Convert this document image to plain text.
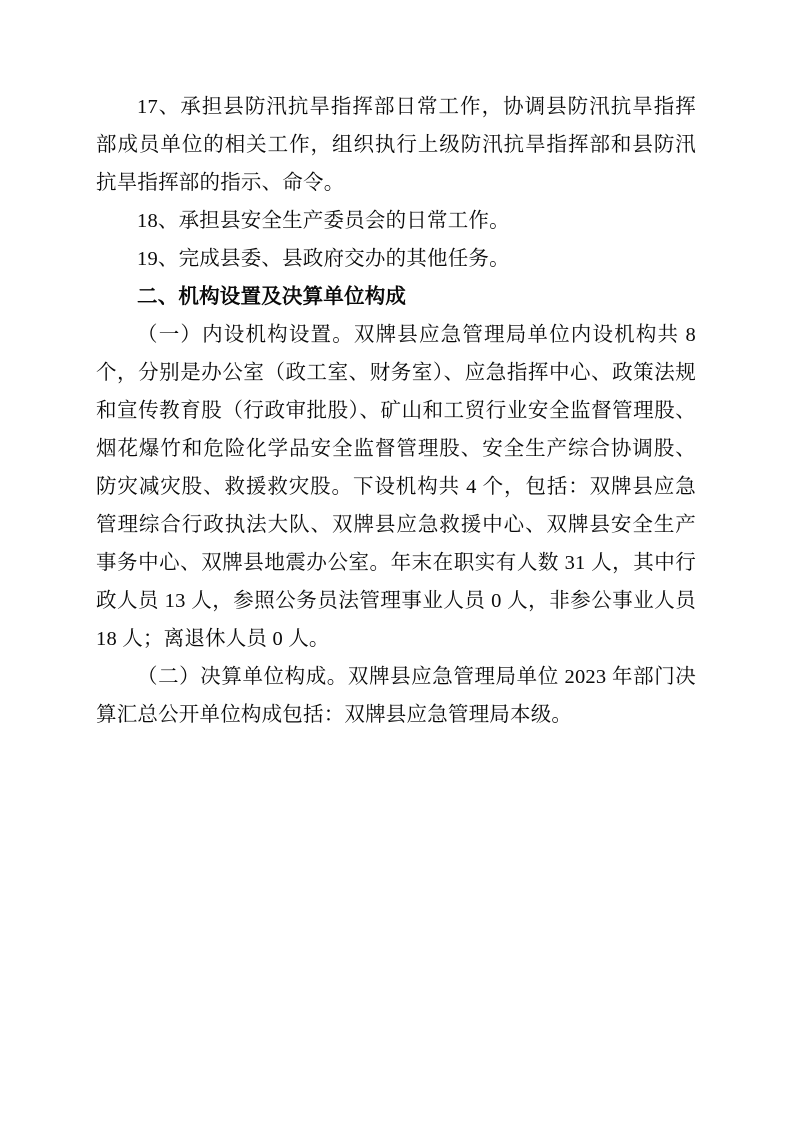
17、承担县防汛抗旱指挥部日常工作，协调县防汛抗旱指挥部成员单位的相关工作，组织执行上级防汛抗旱指挥部和县防汛抗旱指挥部的指示、命令。

18、承担县安全生产委员会的日常工作。

19、完成县委、县政府交办的其他任务。

二、机构设置及决算单位构成

（一）内设机构设置。双牌县应急管理局单位内设机构共 8 个，分别是办公室（政工室、财务室）、应急指挥中心、政策法规和宣传教育股（行政审批股）、矿山和工贸行业安全监督管理股、烟花爆竹和危险化学品安全监督管理股、安全生产综合协调股、防灾减灾股、救援救灾股。下设机构共 4 个，包括：双牌县应急管理综合行政执法大队、双牌县应急救援中心、双牌县安全生产事务中心、双牌县地震办公室。年末在职实有人数 31 人，其中行政人员 13 人，参照公务员法管理事业人员 0 人，非参公事业人员 18 人；离退休人员 0 人。

（二）决算单位构成。双牌县应急管理局单位 2023 年部门决算汇总公开单位构成包括：双牌县应急管理局本级。
